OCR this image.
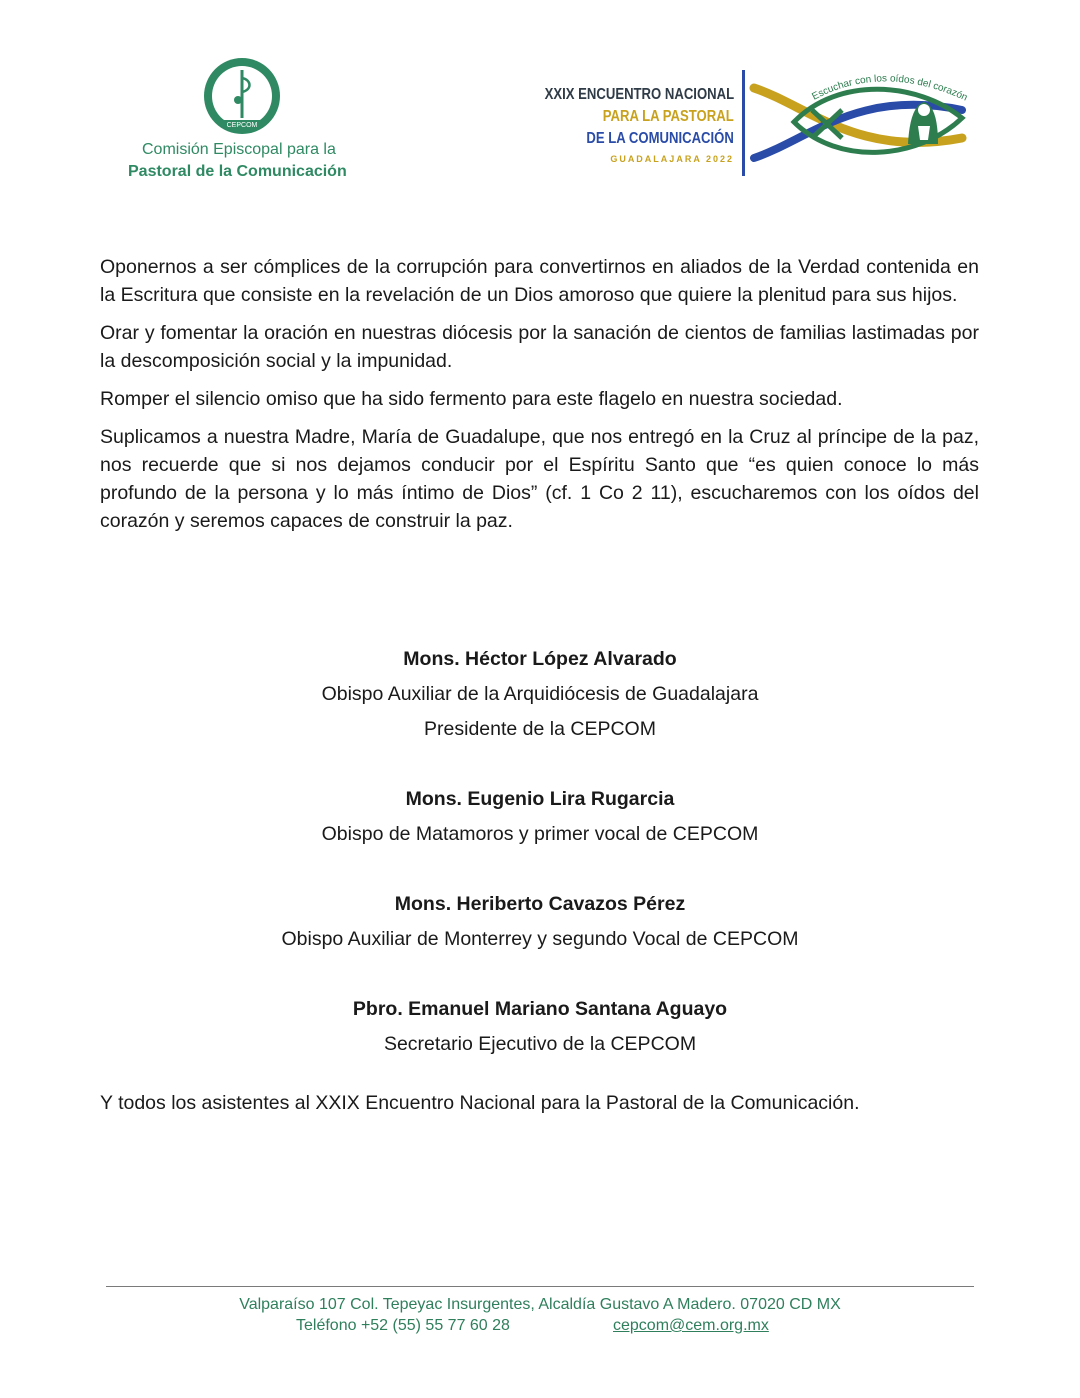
CEPCOM
Comisión Episcopal para la
Pastoral de la Comunicación
XXIX ENCUENTRO NACIONAL
PARA LA PASTORAL
DE LA COMUNICACIÓN
GUADALAJARA 2022
Escuchar con los oídos del corazón

Oponernos a ser cómplices de la corrupción para convertirnos en aliados de la Verdad contenida en la Escritura que consiste en la revelación de un Dios amoroso que quiere la plenitud para sus hijos.

Orar y fomentar la oración en nuestras diócesis por la sanación de cientos de familias lastimadas por la descomposición social y la impunidad.

Romper el silencio omiso que ha sido fermento para este flagelo en nuestra sociedad.

Suplicamos a nuestra Madre, María de Guadalupe, que nos entregó en la Cruz al príncipe de la paz, nos recuerde que si nos dejamos conducir por el Espíritu Santo que “es quien conoce lo más profundo de la persona y lo más íntimo de Dios” (cf. 1 Co 2 11), escucharemos con los oídos del corazón y seremos capaces de construir la paz.

Mons. Héctor López Alvarado
Obispo Auxiliar de la Arquidiócesis de Guadalajara
Presidente de la CEPCOM
Mons. Eugenio Lira Rugarcia
Obispo de Matamoros y primer vocal de CEPCOM
Mons. Heriberto Cavazos Pérez
Obispo Auxiliar de Monterrey y segundo Vocal de CEPCOM
Pbro. Emanuel Mariano Santana Aguayo
Secretario Ejecutivo de la CEPCOM
Y todos los asistentes al XXIX Encuentro Nacional para la Pastoral de la Comunicación.
Valparaíso 107 Col. Tepeyac Insurgentes, Alcaldía Gustavo A Madero. 07020 CD MX
Teléfono +52 (55) 55 77 60 28	cepcom@cem.org.mx
